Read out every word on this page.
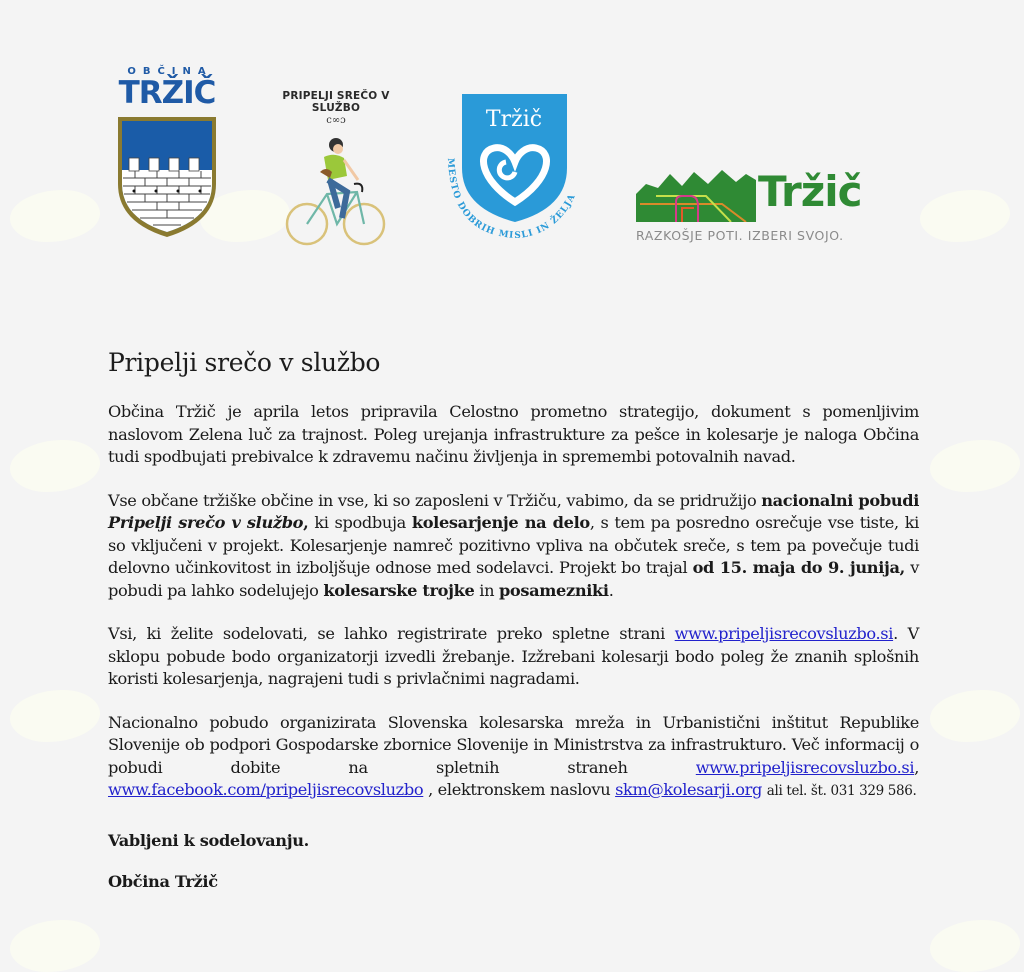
OBČINA
TRŽIČ	PRIPELJI SREČO V SLUŽBO
c∞ɔ	Tržič
MESTO DOBRIH MISLI IN ŽELJA	Tržič
RAZKOŠJE POTI. IZBERI SVOJO.
Pripelji srečo v službo

Občina Tržič je aprila letos pripravila Celostno prometno strategijo, dokument s pomenljivim naslovom Zelena luč za trajnost. Poleg urejanja infrastrukture za pešce in kolesarje je naloga Občina tudi spodbujati prebivalce k zdravemu načinu življenja in spremembi potovalnih navad.

Vse občane tržiške občine in vse, ki so zaposleni v Tržiču, vabimo, da se pridružijo nacionalni pobudi Pripelji srečo v službo, ki spodbuja kolesarjenje na delo, s tem pa posredno osrečuje vse tiste, ki so vključeni v projekt. Kolesarjenje namreč pozitivno vpliva na občutek sreče, s tem pa povečuje tudi delovno učinkovitost in izboljšuje odnose med sodelavci. Projekt bo trajal od 15. maja do 9. junija, v pobudi pa lahko sodelujejo kolesarske trojke in posamezniki.

Vsi, ki želite sodelovati, se lahko registrirate preko spletne strani www.pripeljisrecovsluzbo.si. V sklopu pobude bodo organizatorji izvedli žrebanje. Izžrebani kolesarji bodo poleg že znanih splošnih koristi kolesarjenja, nagrajeni tudi s privlačnimi nagradami.

Nacionalno pobudo organizirata Slovenska kolesarska mreža in Urbanistični inštitut Republike Slovenije ob podpori Gospodarske zbornice Slovenije in Ministrstva za infrastrukturo. Več informacij o pobudi dobite na spletnih straneh www.pripeljisrecovsluzbo.si, www.facebook.com/pripeljisrecovsluzbo , elektronskem naslovu skm@kolesarji.org ali tel. št. 031 329 586.

Vabljeni k sodelovanju.

Občina Tržič
